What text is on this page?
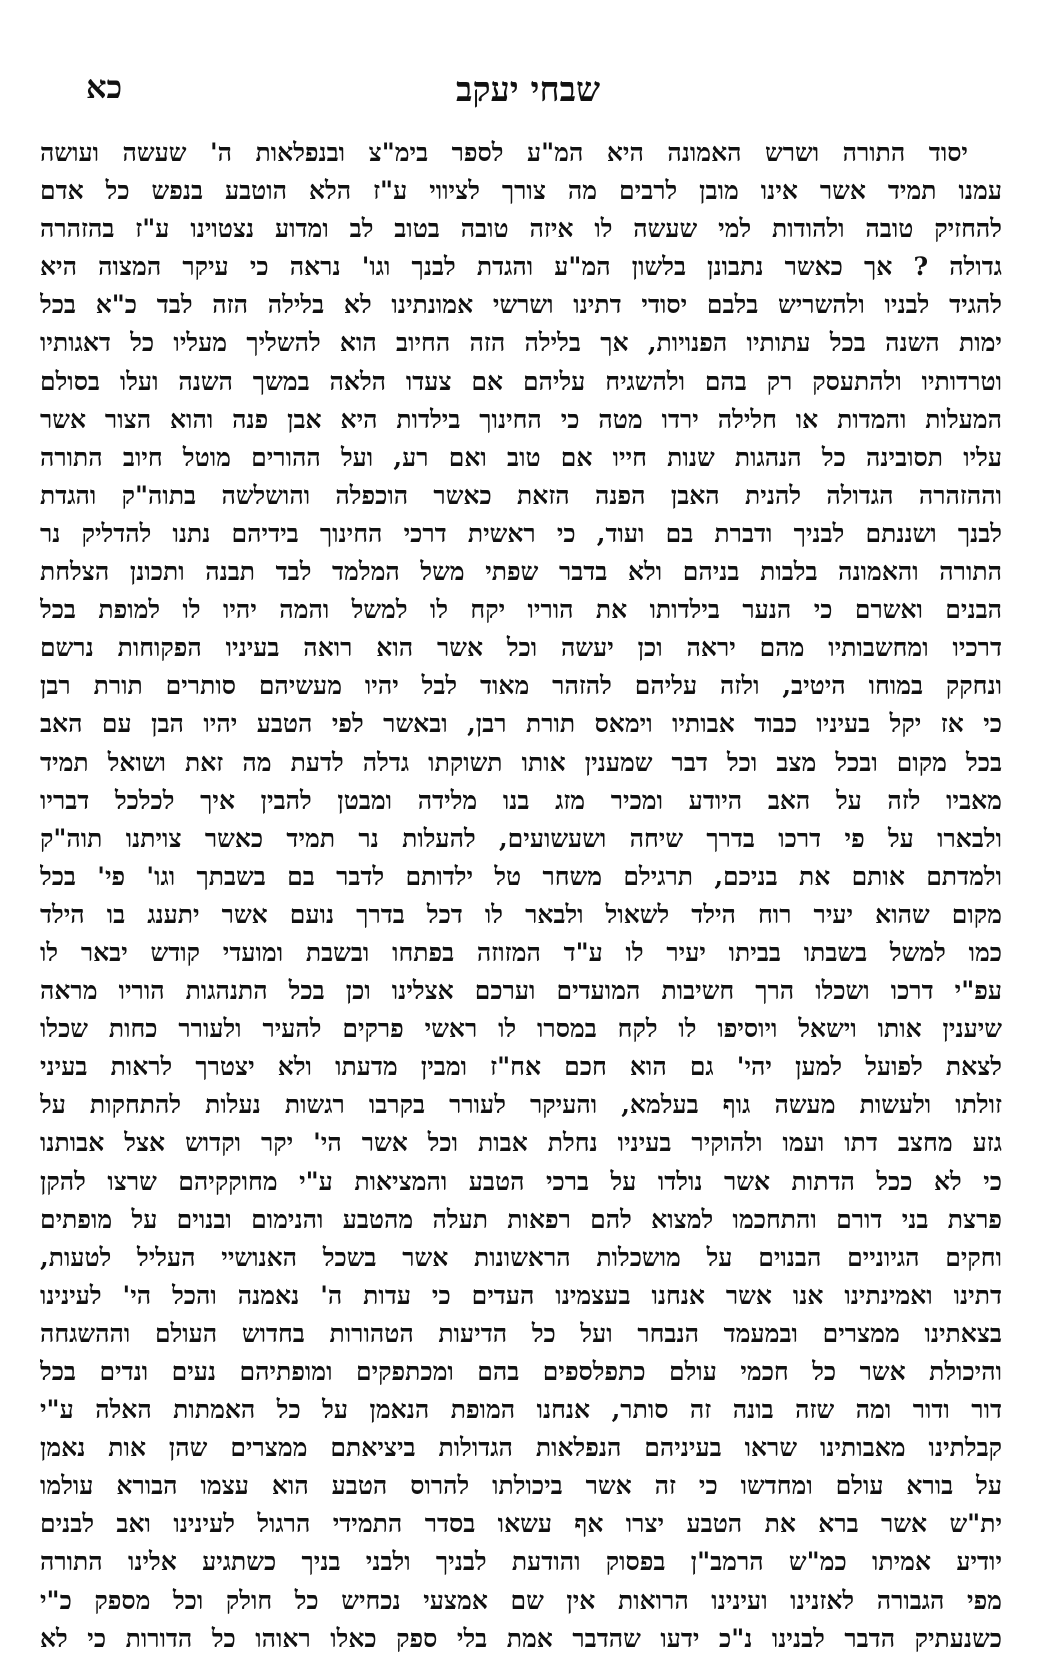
שבחי יעקב
כא
יסוד התורה ושרש האמונה היא המ"ע לספר בימ"צ ובנפלאות ה' שעשה ועושה
עמנו תמיד אשר אינו מובן לרבים מה צורך לציווי ע"ז הלא הוטבע בנפש כל אדם
להחזיק טובה ולהודות למי שעשה לו איזה טובה בטוב לב ומדוע נצטוינו ע"ז בהזהרה
גדולה ? אך כאשר נתבונן בלשון המ"ע והגדת לבנך וגו' נראה כי עיקר המצוה היא
להגיד לבניו ולהשריש בלבם יסודי דתינו ושרשי אמונתינו לא בלילה הזה לבד כ"א בכל
ימות השנה בכל עתותיו הפנויות, אך בלילה הזה החיוב הוא להשליך מעליו כל דאגותיו
וטרדותיו ולהתעסק רק בהם ולהשגיח עליהם אם צעדו הלאה במשך השנה ועלו בסולם
המעלות והמדות או חלילה ירדו מטה כי החינוך בילדות היא אבן פנה והוא הצור אשר
עליו תסובינה כל הנהגות שנות חייו אם טוב ואם רע, ועל ההורים מוטל חיוב התורה
וההזהרה הגדולה להנית האבן הפנה הזאת כאשר הוכפלה והושלשה בתוה"ק והגדת
לבנך ושננתם לבניך ודברת בם ועוד, כי ראשית דרכי החינוך בידיהם נתנו להדליק נר
התורה והאמונה בלבות בניהם ולא בדבר שפתי משל המלמד לבד תבנה ותכונן הצלחת
הבנים ואשרם כי הנער בילדותו את הוריו יקח לו למשל והמה יהיו לו למופת בכל
דרכיו ומחשבותיו מהם יראה וכן יעשה וכל אשר הוא רואה בעיניו הפקוחות נרשם
ונחקק במוחו היטיב, ולזה עליהם להזהר מאוד לבל יהיו מעשיהם סותרים תורת רבן
כי אז יקל בעיניו כבוד אבותיו וימאס תורת רבן, ובאשר לפי הטבע יהיו הבן עם האב
בכל מקום ובכל מצב וכל דבר שמענין אותו תשוקתו גדלה לדעת מה זאת ושואל תמיד
מאביו לזה על האב היודע ומכיר מזג בנו מלידה ומבטן להבין איך לכלכל דבריו
ולבארו על פי דרכו בדרך שיחה ושעשועים, להעלות נר תמיד כאשר צויתנו תוה"ק
ולמדתם אותם את בניכם, תרגילם משחר טל ילדותם לדבר בם בשבתך וגו' פי' בכל
מקום שהוא יעיר רוח הילד לשאול ולבאר לו דכל בדרך נועם אשר יתענג בו הילד
כמו למשל בשבתו בביתו יעיר לו ע"ד המזוזה בפתחו ובשבת ומועדי קודש יבאר לו
עפ"י דרכו ושכלו הרך חשיבות המועדים וערכם אצלינו וכן בכל התנהגות הוריו מראה
שיענין אותו וישאל ויוסיפו לו לקח במסרו לו ראשי פרקים להעיר ולעורר כחות שכלו
לצאת לפועל למען יהי' גם הוא חכם אח"ז ומבין מדעתו ולא יצטרך לראות בעיני
זולתו ולעשות מעשה גוף בעלמא, והעיקר לעורר בקרבו רגשות נעלות להתחקות על
גזע מחצב דתו ועמו ולהוקיר בעיניו נחלת אבות וכל אשר הי' יקר וקדוש אצל אבותנו
כי לא ככל הדתות אשר נולדו על ברכי הטבע והמציאות ע"י מחוקקיהם שרצו להקן
פרצת בני דורם והתחכמו למצוא להם רפאות תעלה מהטבע והנימום ובנוים על מופתים
וחקים הגיוניים הבנוים על מושכלות הראשונות אשר בשכל האנושיי העליל לטעות,
דתינו ואמינתינו אנו אשר אנחנו בעצמינו העדים כי עדות ה' נאמנה והכל הי' לעינינו
בצאתינו ממצרים ובמעמד הנבחר ועל כל הדיעות הטהורות בחדוש העולם וההשגחה
והיכולת אשר כל חכמי עולם כתפלספים בהם ומכתפקים ומופתיהם נעים ונדים בכל
דור ודור ומה שזה בונה זה סותר, אנחנו המופת הנאמן על כל האמתות האלה ע"י
קבלתינו מאבותינו שראו בעיניהם הנפלאות הגדולות ביציאתם ממצרים שהן אות נאמן
על בורא עולם ומחדשו כי זה אשר ביכולתו להרוס הטבע הוא עצמו הבורא עולמו
ית"ש אשר ברא את הטבע יצרו אף עשאו בסדר התמידי הרגול לעינינו ואב לבנים
יודיע אמיתו כמ"ש הרמב"ן בפסוק והודעת לבניך ולבני בניך כשתגיע אלינו התורה
מפי הגבורה לאזנינו ועינינו הרואות אין שם אמצעי נכחיש כל חולק וכל מספק כ"י
כשנעתיק הדבר לבנינו נ"כ ידעו שהדבר אמת בלי ספק כאלו ראוהו כל הדורות כי לא
